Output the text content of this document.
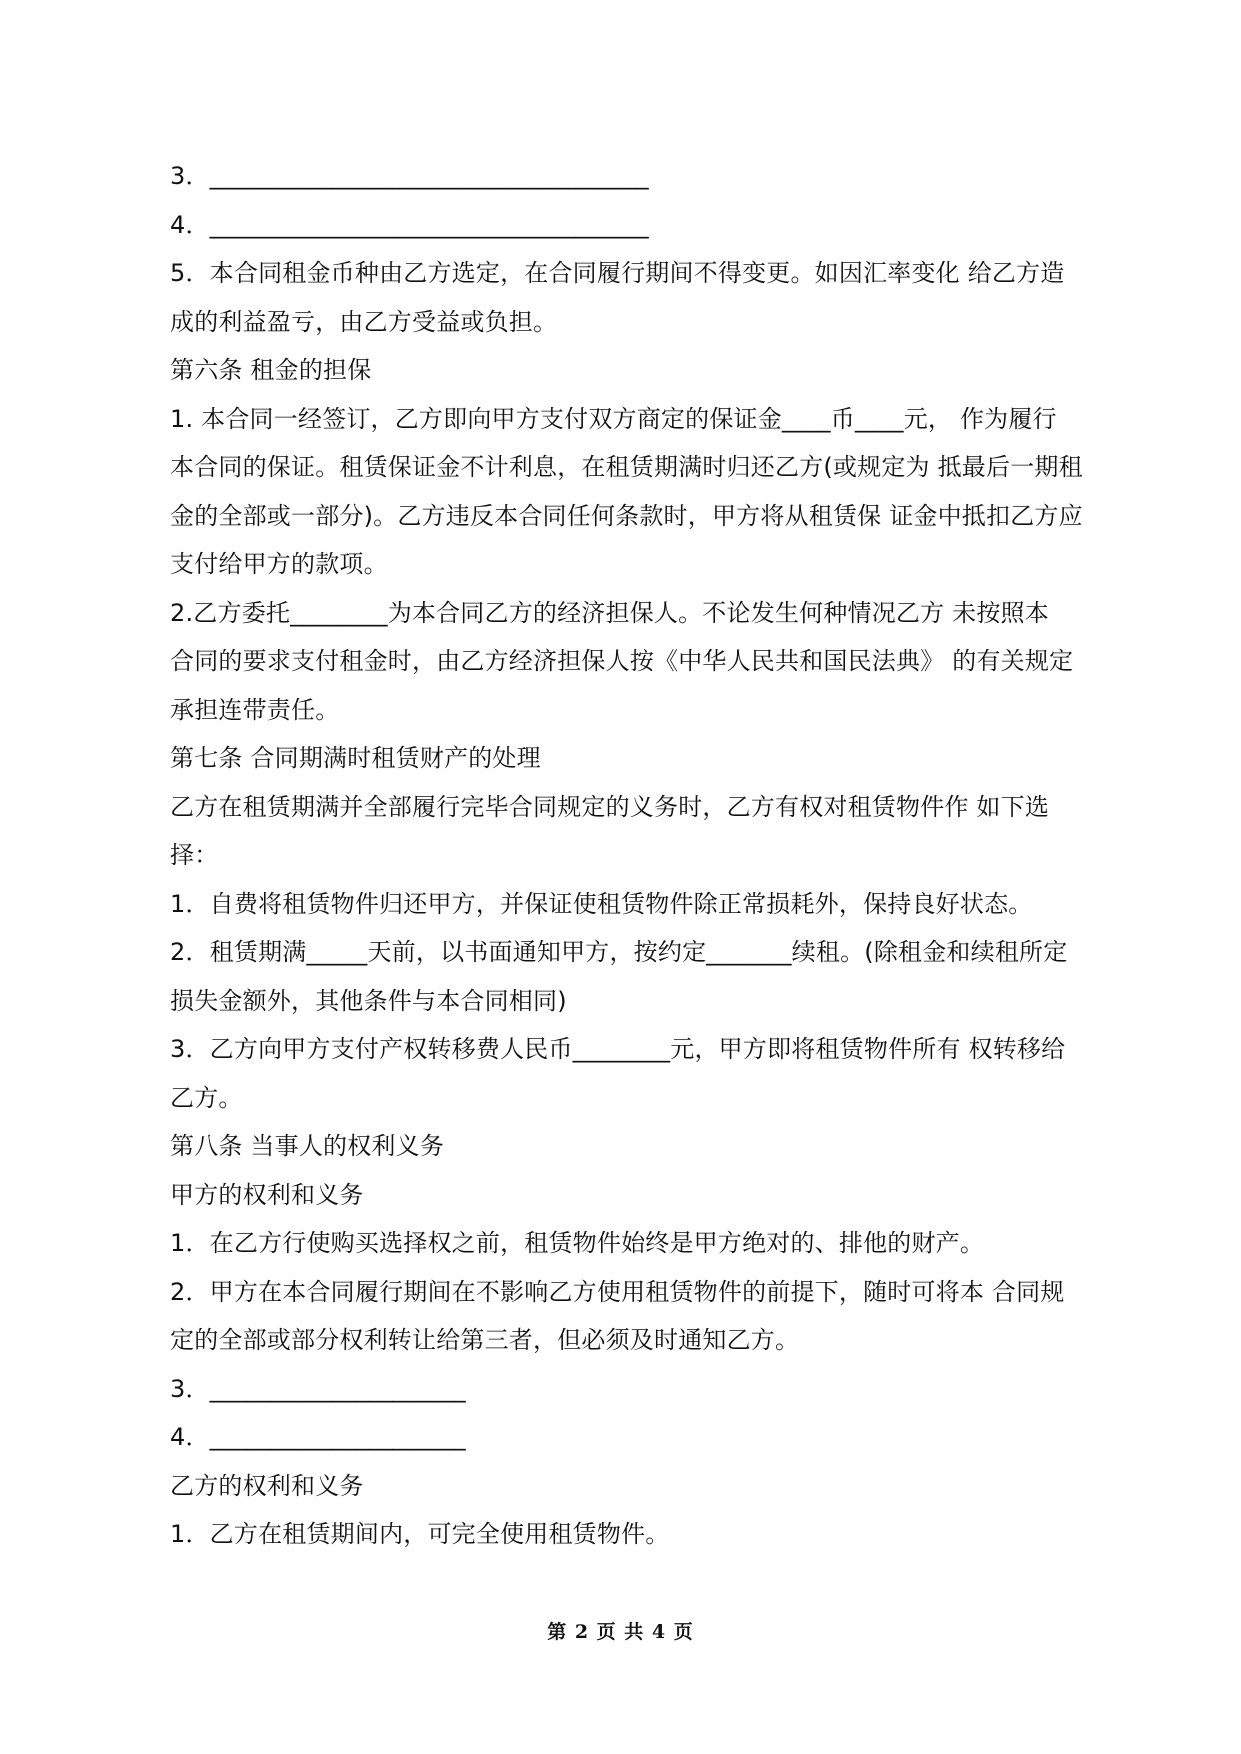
3．____________________________________
4．____________________________________
5．本合同租金币种由乙方选定，在合同履行期间不得变更。如因汇率变化 给乙方造
成的利益盈亏，由乙方受益或负担。
第六条 租金的担保
1. 本合同一经签订，乙方即向甲方支付双方商定的保证金____币____元， 作为履行
本合同的保证。租赁保证金不计利息，在租赁期满时归还乙方(或规定为 抵最后一期租
金的全部或一部分)。乙方违反本合同任何条款时，甲方将从租赁保 证金中抵扣乙方应
支付给甲方的款项。
2.乙方委托________为本合同乙方的经济担保人。不论发生何种情况乙方 未按照本
合同的要求支付租金时，由乙方经济担保人按《中华人民共和国民法典》 的有关规定
承担连带责任。
第七条 合同期满时租赁财产的处理
乙方在租赁期满并全部履行完毕合同规定的义务时，乙方有权对租赁物件作 如下选
择：
1．自费将租赁物件归还甲方，并保证使租赁物件除正常损耗外，保持良好状态。
2．租赁期满_____天前，以书面通知甲方，按约定_______续租。(除租金和续租所定
损失金额外，其他条件与本合同相同)
3．乙方向甲方支付产权转移费人民币________元，甲方即将租赁物件所有 权转移给
乙方。
第八条 当事人的权利义务
甲方的权利和义务
1．在乙方行使购买选择权之前，租赁物件始终是甲方绝对的、排他的财产。
2．甲方在本合同履行期间在不影响乙方使用租赁物件的前提下，随时可将本 合同规
定的全部或部分权利转让给第三者，但必须及时通知乙方。
3．_____________________
4．_____________________
乙方的权利和义务
1．乙方在租赁期间内，可完全使用租赁物件。
第 2 页 共 4 页
